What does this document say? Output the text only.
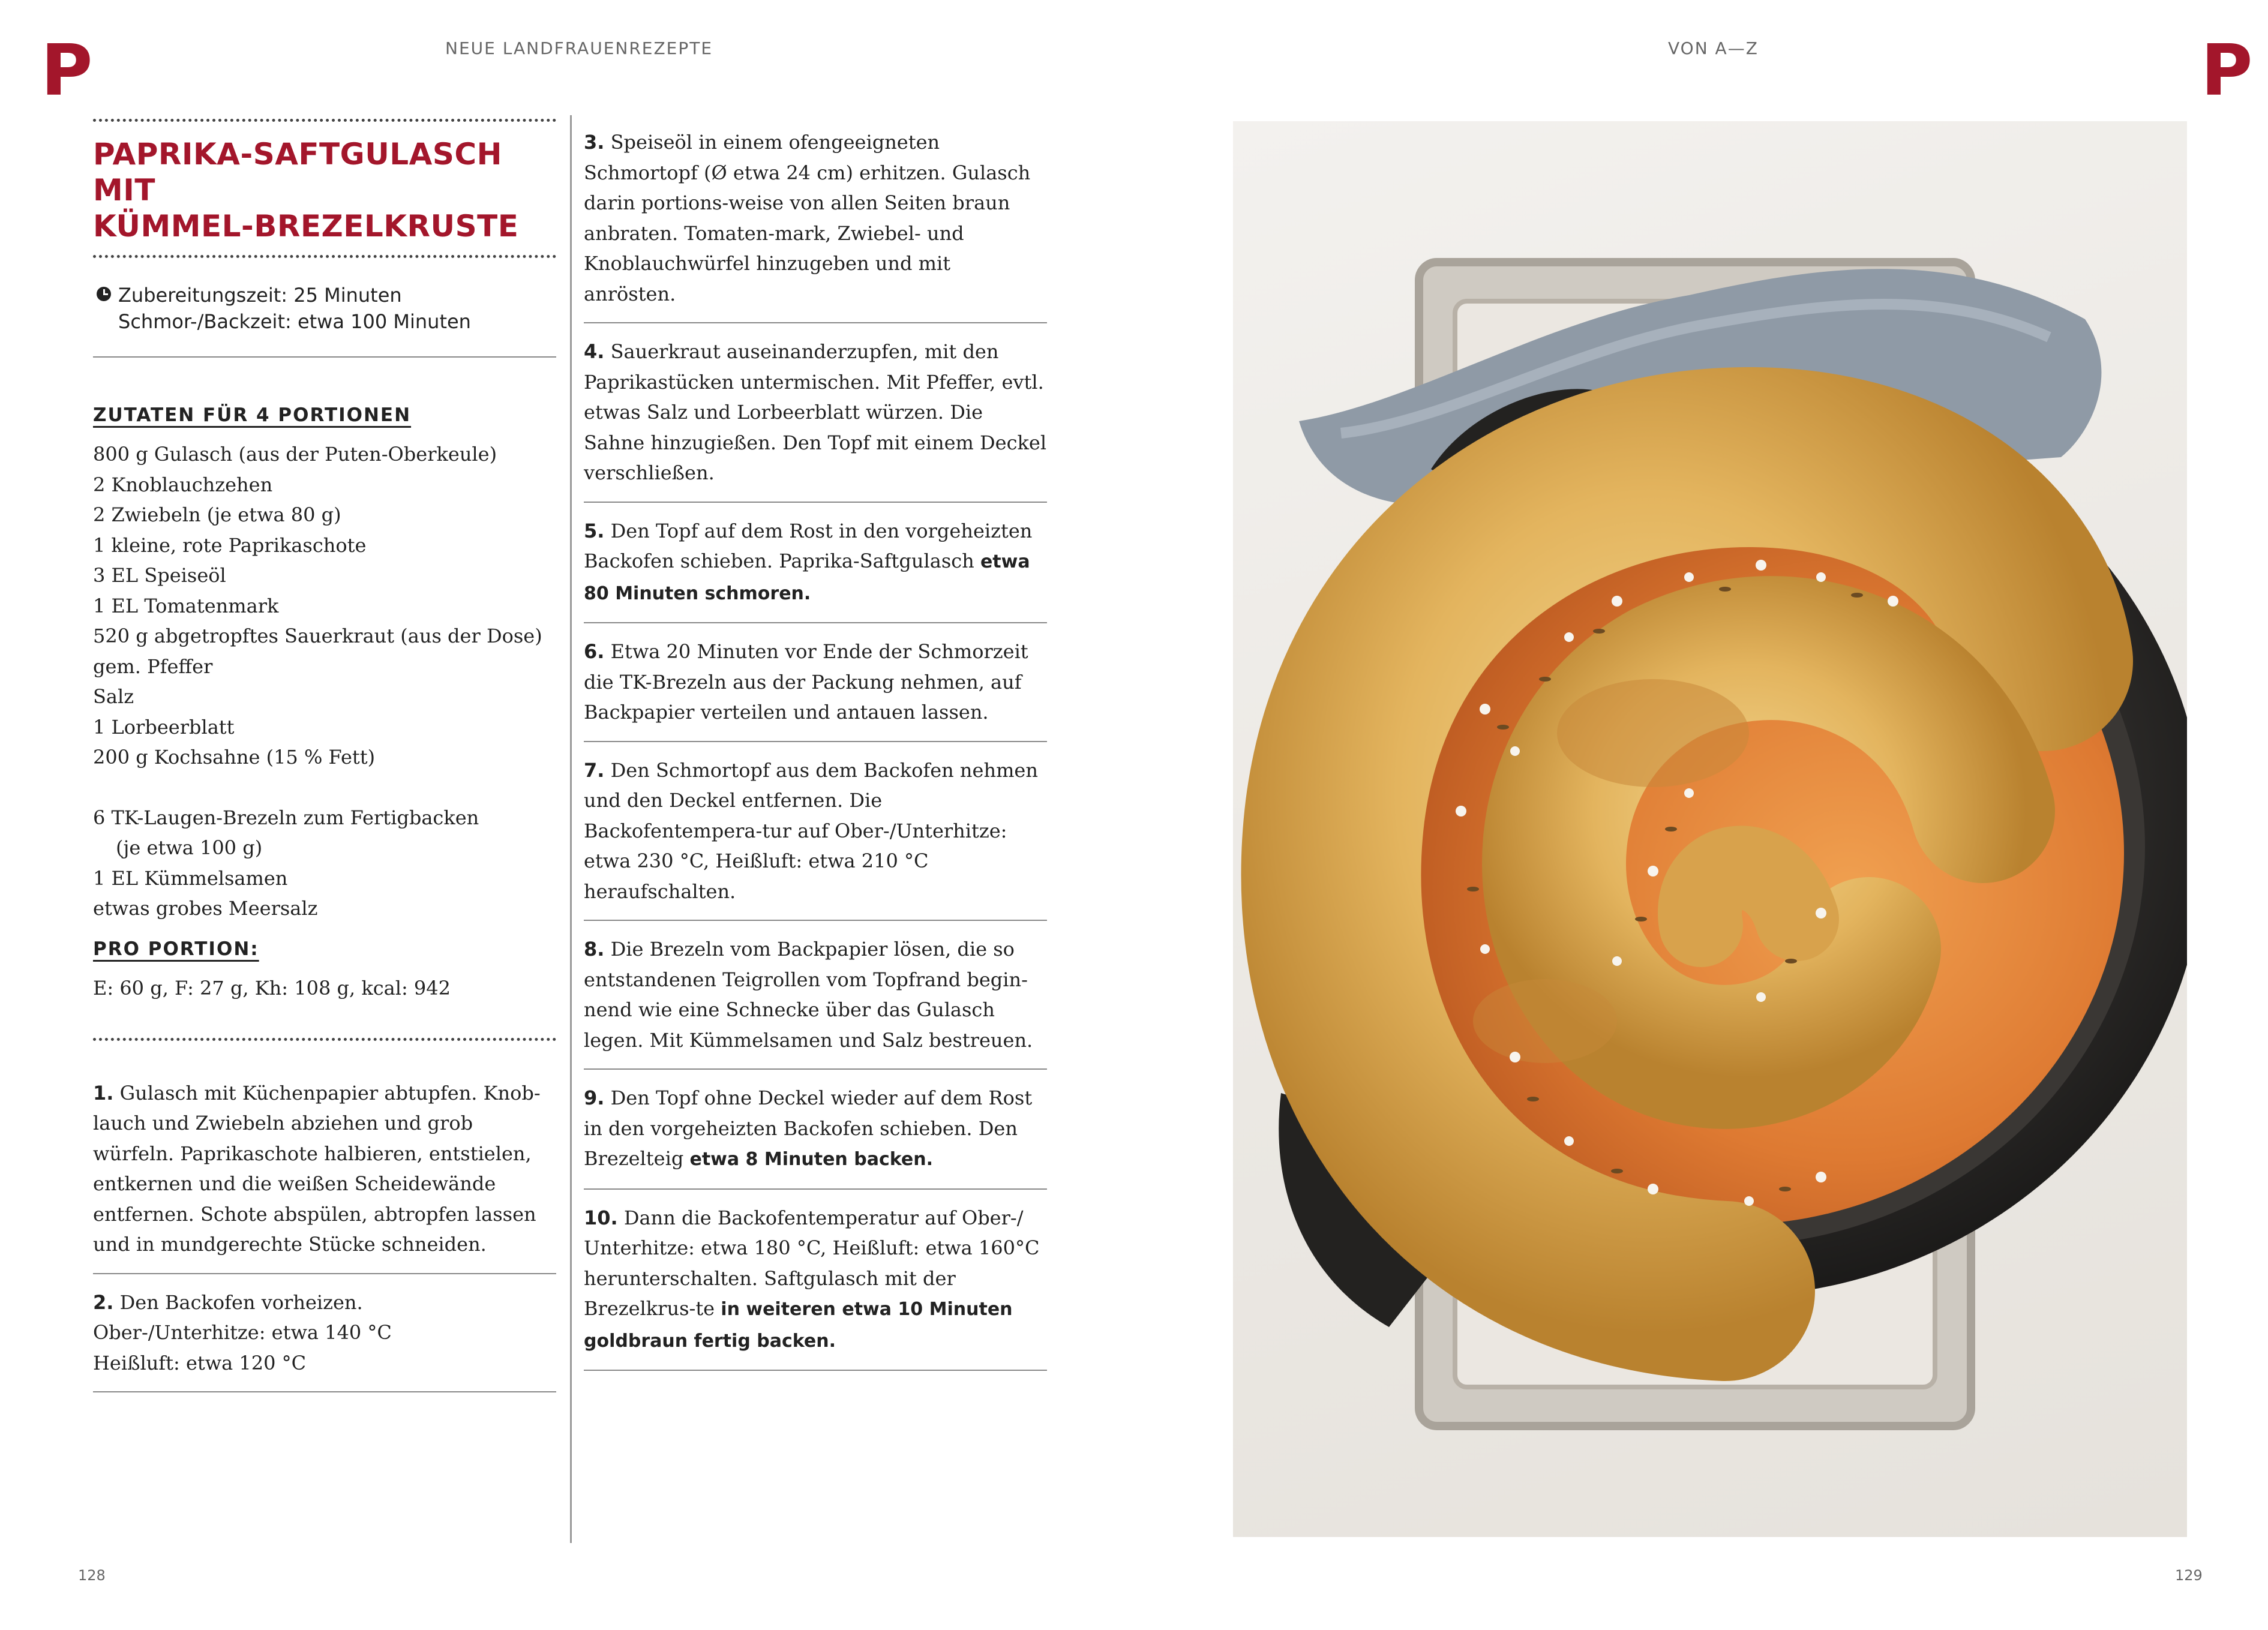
P	P
NEUE LANDFRAUENREZEPTE	VON A—Z
PAPRIKA-SAFTGULASCH MIT
KÜMMEL-BREZELKRUSTE
Zubereitungszeit: 25 Minuten
Schmor-/Backzeit: etwa 100 Minuten
ZUTATEN FÜR 4 PORTIONEN
800 g Gulasch (aus der Puten-Oberkeule)
2 Knoblauchzehen
2 Zwiebeln (je etwa 80 g)
1 kleine, rote Paprikaschote
3 EL Speiseöl
1 EL Tomatenmark
520 g abgetropftes Sauerkraut (aus der Dose)
gem. Pfeffer
Salz
1 Lorbeerblatt
200 g Kochsahne (15 % Fett)
6 TK-Laugen-Brezeln zum Fertigbacken
(je etwa 100 g)
1 EL Kümmelsamen
etwas grobes Meersalz
PRO PORTION:
E: 60 g, F: 27 g, Kh: 108 g, kcal: 942

1. Gulasch mit Küchenpapier abtupfen. Knob-lauch und Zwiebeln abziehen und grob würfeln. Paprikaschote halbieren, entstielen, entkernen und die weißen Scheidewände entfernen. Schote abspülen, abtropfen lassen und in mundgerechte Stücke schneiden.

2. Den Backofen vorheizen.
Ober-/Unterhitze: etwa 140 °C
Heißluft: etwa 120 °C

3. Speiseöl in einem ofengeeigneten Schmortopf (Ø etwa 24 cm) erhitzen. Gulasch darin portions-weise von allen Seiten braun anbraten. Tomaten-mark, Zwiebel- und Knoblauchwürfel hinzugeben und mit anrösten.

4. Sauerkraut auseinanderzupfen, mit den Paprikastücken untermischen. Mit Pfeffer, evtl. etwas Salz und Lorbeerblatt würzen. Die Sahne hinzugießen. Den Topf mit einem Deckel verschließen.

5. Den Topf auf dem Rost in den vorgeheizten Backofen schieben. Paprika-Saftgulasch etwa 80 Minuten schmoren.

6. Etwa 20 Minuten vor Ende der Schmorzeit die TK-Brezeln aus der Packung nehmen, auf Backpapier verteilen und antauen lassen.

7. Den Schmortopf aus dem Backofen nehmen und den Deckel entfernen. Die Backofentempera-tur auf Ober-/Unterhitze: etwa 230 °C, Heißluft: etwa 210 °C heraufschalten.

8. Die Brezeln vom Backpapier lösen, die so entstandenen Teigrollen vom Topfrand begin-nend wie eine Schnecke über das Gulasch legen. Mit Kümmelsamen und Salz bestreuen.

9. Den Topf ohne Deckel wieder auf dem Rost in den vorgeheizten Backofen schieben. Den Brezelteig etwa 8 Minuten backen.

10. Dann die Backofentemperatur auf Ober-/ Unterhitze: etwa 180 °C, Heißluft: etwa 160°C herunterschalten. Saftgulasch mit der Brezelkrus-te in weiteren etwa 10 Minuten goldbraun fertig backen.

128	129
